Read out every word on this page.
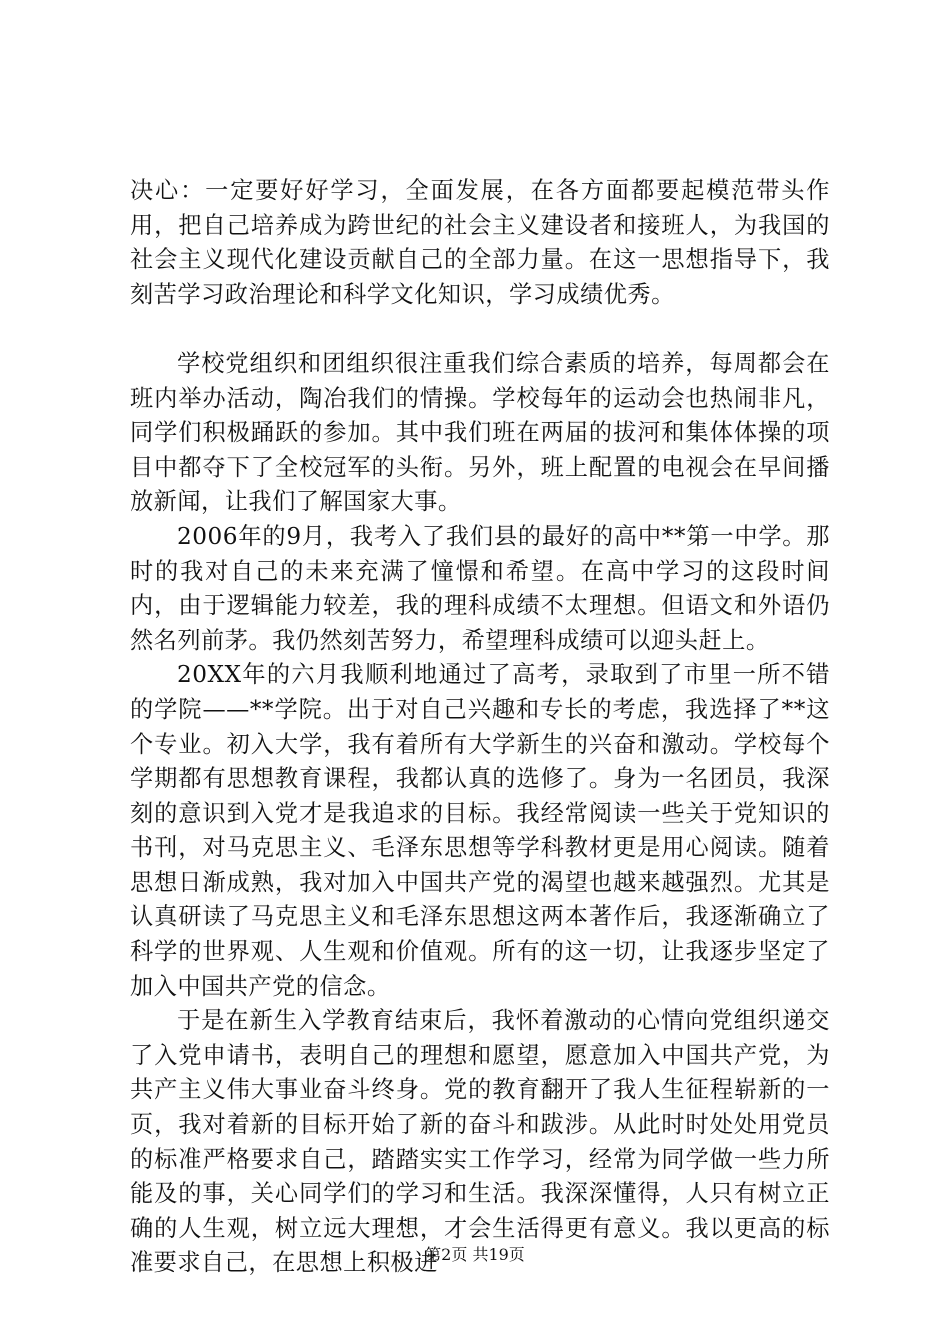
决心：一定要好好学习，全面发展，在各方面都要起模范带头作用，把自己培养成为跨世纪的社会主义建设者和接班人，为我国的社会主义现代化建设贡献自己的全部力量。在这一思想指导下，我刻苦学习政治理论和科学文化知识，学习成绩优秀。

学校党组织和团组织很注重我们综合素质的培养，每周都会在班内举办活动，陶冶我们的情操。学校每年的运动会也热闹非凡，同学们积极踊跃的参加。其中我们班在两届的拔河和集体体操的项目中都夺下了全校冠军的头衔。另外，班上配置的电视会在早间播放新闻，让我们了解国家大事。

2006年的9月，我考入了我们县的最好的高中**第一中学。那时的我对自己的未来充满了憧憬和希望。在高中学习的这段时间内，由于逻辑能力较差，我的理科成绩不太理想。但语文和外语仍然名列前茅。我仍然刻苦努力，希望理科成绩可以迎头赶上。

20XX年的六月我顺利地通过了高考，录取到了市里一所不错的学院——**学院。出于对自己兴趣和专长的考虑，我选择了**这个专业。初入大学，我有着所有大学新生的兴奋和激动。学校每个学期都有思想教育课程，我都认真的选修了。身为一名团员，我深刻的意识到入党才是我追求的目标。我经常阅读一些关于党知识的书刊，对马克思主义、毛泽东思想等学科教材更是用心阅读。随着思想日渐成熟，我对加入中国共产党的渴望也越来越强烈。尤其是认真研读了马克思主义和毛泽东思想这两本著作后，我逐渐确立了科学的世界观、人生观和价值观。所有的这一切，让我逐步坚定了加入中国共产党的信念。

于是在新生入学教育结束后，我怀着激动的心情向党组织递交了入党申请书，表明自己的理想和愿望，愿意加入中国共产党，为共产主义伟大事业奋斗终身。党的教育翻开了我人生征程崭新的一页，我对着新的目标开始了新的奋斗和跋涉。从此时时处处用党员的标准严格要求自己，踏踏实实工作学习，经常为同学做一些力所能及的事，关心同学们的学习和生活。我深深懂得，人只有树立正确的人生观，树立远大理想，才会生活得更有意义。我以更高的标准要求自己，在思想上积极进

第2页 共19页
